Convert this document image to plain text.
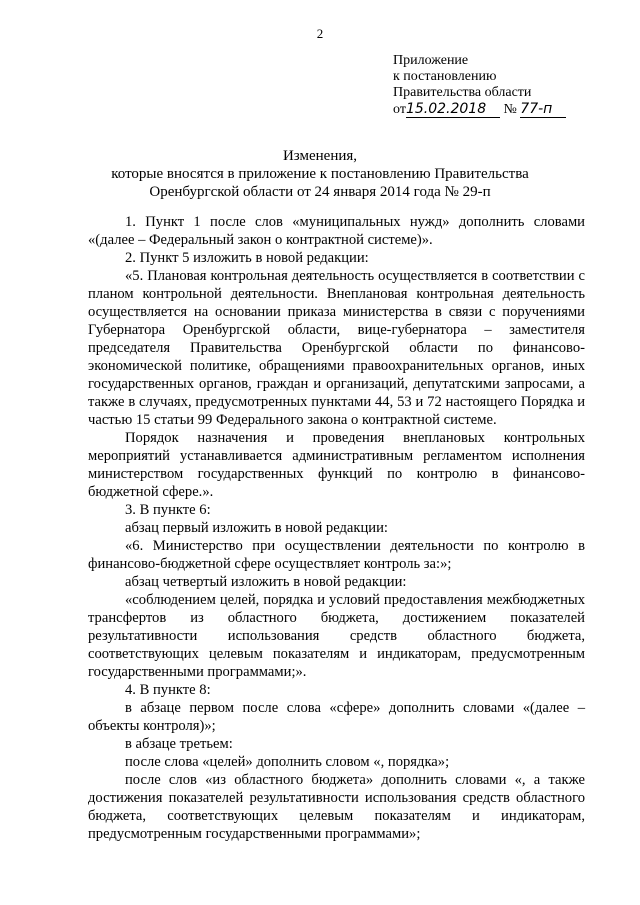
2
Приложение
к постановлению
Правительства области
от15.02.2018 № 77-п
Изменения,
которые вносятся в приложение к постановлению Правительства
Оренбургской области от 24 января 2014 года № 29-п

1. Пункт 1 после слов «муниципальных нужд» дополнить словами «(далее – Федеральный закон о контрактной системе)».

2. Пункт 5 изложить в новой редакции:

«5. Плановая контрольная деятельность осуществляется в соответствии с планом контрольной деятельности. Внеплановая контрольная деятельность осуществляется на основании приказа министерства в связи с поручениями Губернатора Оренбургской области, вице-губернатора – заместителя председателя Правительства Оренбургской области по финансово-экономической политике, обращениями правоохранительных органов, иных государственных органов, граждан и организаций, депутатскими запросами, а также в случаях, предусмотренных пунктами 44, 53 и 72 настоящего Порядка и частью 15 статьи 99 Федерального закона о контрактной системе.

Порядок назначения и проведения внеплановых контрольных мероприятий устанавливается административным регламентом исполнения министерством государственных функций по контролю в финансово-бюджетной сфере.».

3. В пункте 6:

абзац первый изложить в новой редакции:

«6. Министерство при осуществлении деятельности по контролю в финансово-бюджетной сфере осуществляет контроль за:»;

абзац четвертый изложить в новой редакции:

«соблюдением целей, порядка и условий предоставления межбюджетных трансфертов из областного бюджета, достижением показателей результативности использования средств областного бюджета, соответствующих целевым показателям и индикаторам, предусмотренным государственными программами;».

4. В пункте 8:

в абзаце первом после слова «сфере» дополнить словами «(далее – объекты контроля)»;

в абзаце третьем:

после слова «целей» дополнить словом «, порядка»;

после слов «из областного бюджета» дополнить словами «, а также достижения показателей результативности использования средств областного бюджета, соответствующих целевым показателям и индикаторам, предусмотренным государственными программами»;
